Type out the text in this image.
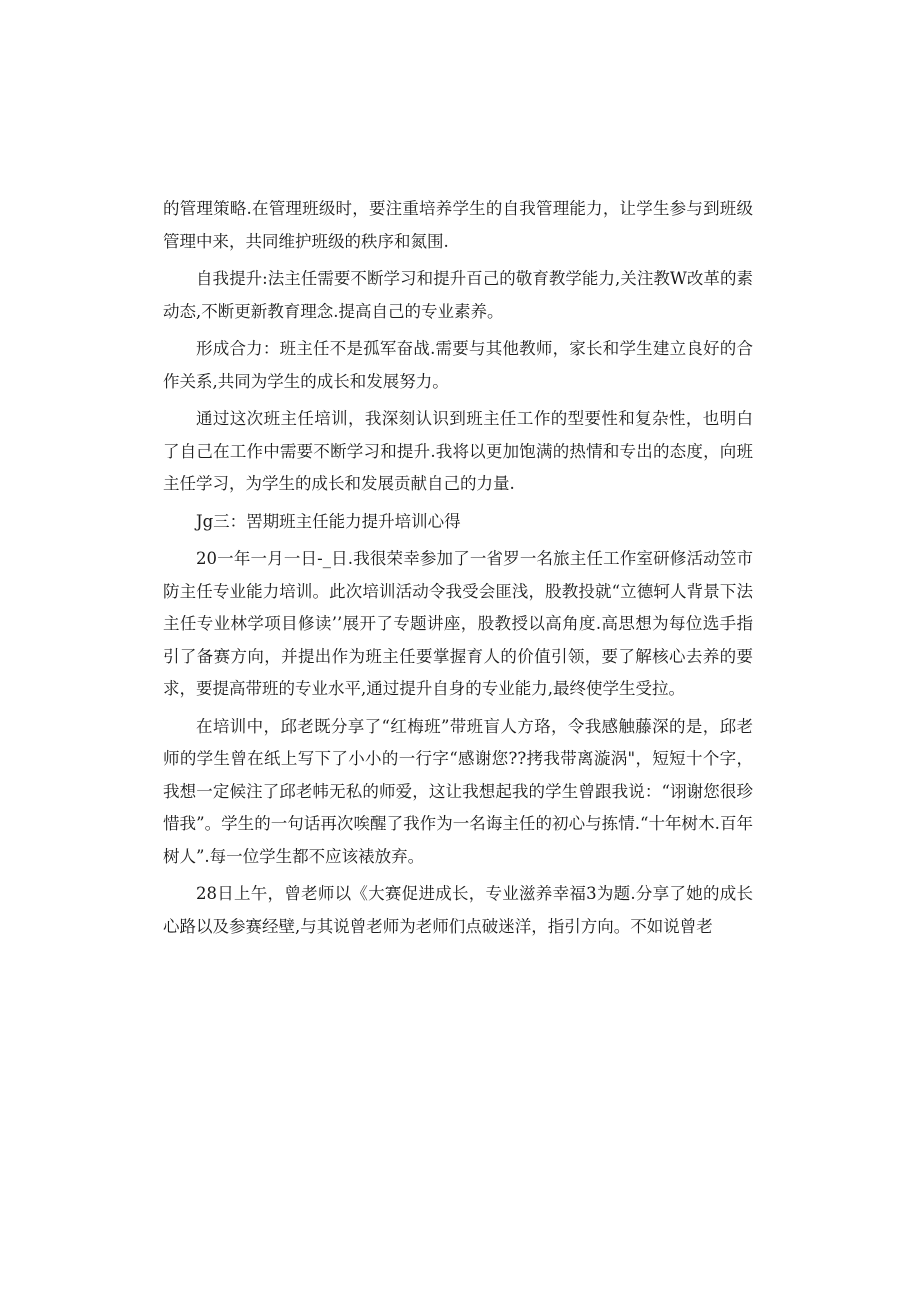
的管理策略.在管理班级时，要注重培养学生的自我管理能力，让学生参与到班级管理中来，共同维护班级的秩序和氮围.

自我提升:法主任需要不断学习和提升百己的敬育教学能力,关注教W改革的素动态,不断更新教育理念.提高自己的专业素养。

形成合力：班主任不是孤军奋战.需要与其他教师，家长和学生建立良好的合作关系,共同为学生的成长和发展努力。

通过这次班主任培训，我深刻认识到班主任工作的型要性和复杂性，也明白了自己在工作中需要不断学习和提升.我将以更加饱满的热情和专岀的态度，向班主任学习，为学生的成长和发展贡献自己的力量.

Jg三：罟期班主任能力提升培训心得

20一年一月一日-_日.我很荣幸参加了一省罗一名旅主任工作室研修活动笠市防主任专业能力培训。此次培训活动令我受会匪浅，股教投就“立德轲人背景下法主任专业林学项目修读’’展开了专题讲座，股教授以高角度.高思想为每位选手指引了备赛方向，并提出作为班主任要掌握育人的价值引领，要了解核心去养的要求，要提高带班的专业水平,通过提升自身的专业能力,最终使学生受拉。

在培训中，邱老既分享了“红梅班”带班盲人方珞，令我感触藤深的是，邱老师的学生曾在纸上写下了小小的一行字“感谢您??拷我带离漩涡"，短短十个字，我想一定候注了邱老帏无私的师爱，这让我想起我的学生曾跟我说：“诩谢您很珍惜我”。学生的一句话再次唉醒了我作为一名诲主任的初心与拣情.“十年树木.百年树人”.每一位学生都不应该裱放弃。

28日上午，曾老师以《大赛促进成长，专业滋养幸福3为题.分享了她的成长心路以及参赛经壁,与其说曾老师为老师们点破迷洋，指引方向。不如说曾老
